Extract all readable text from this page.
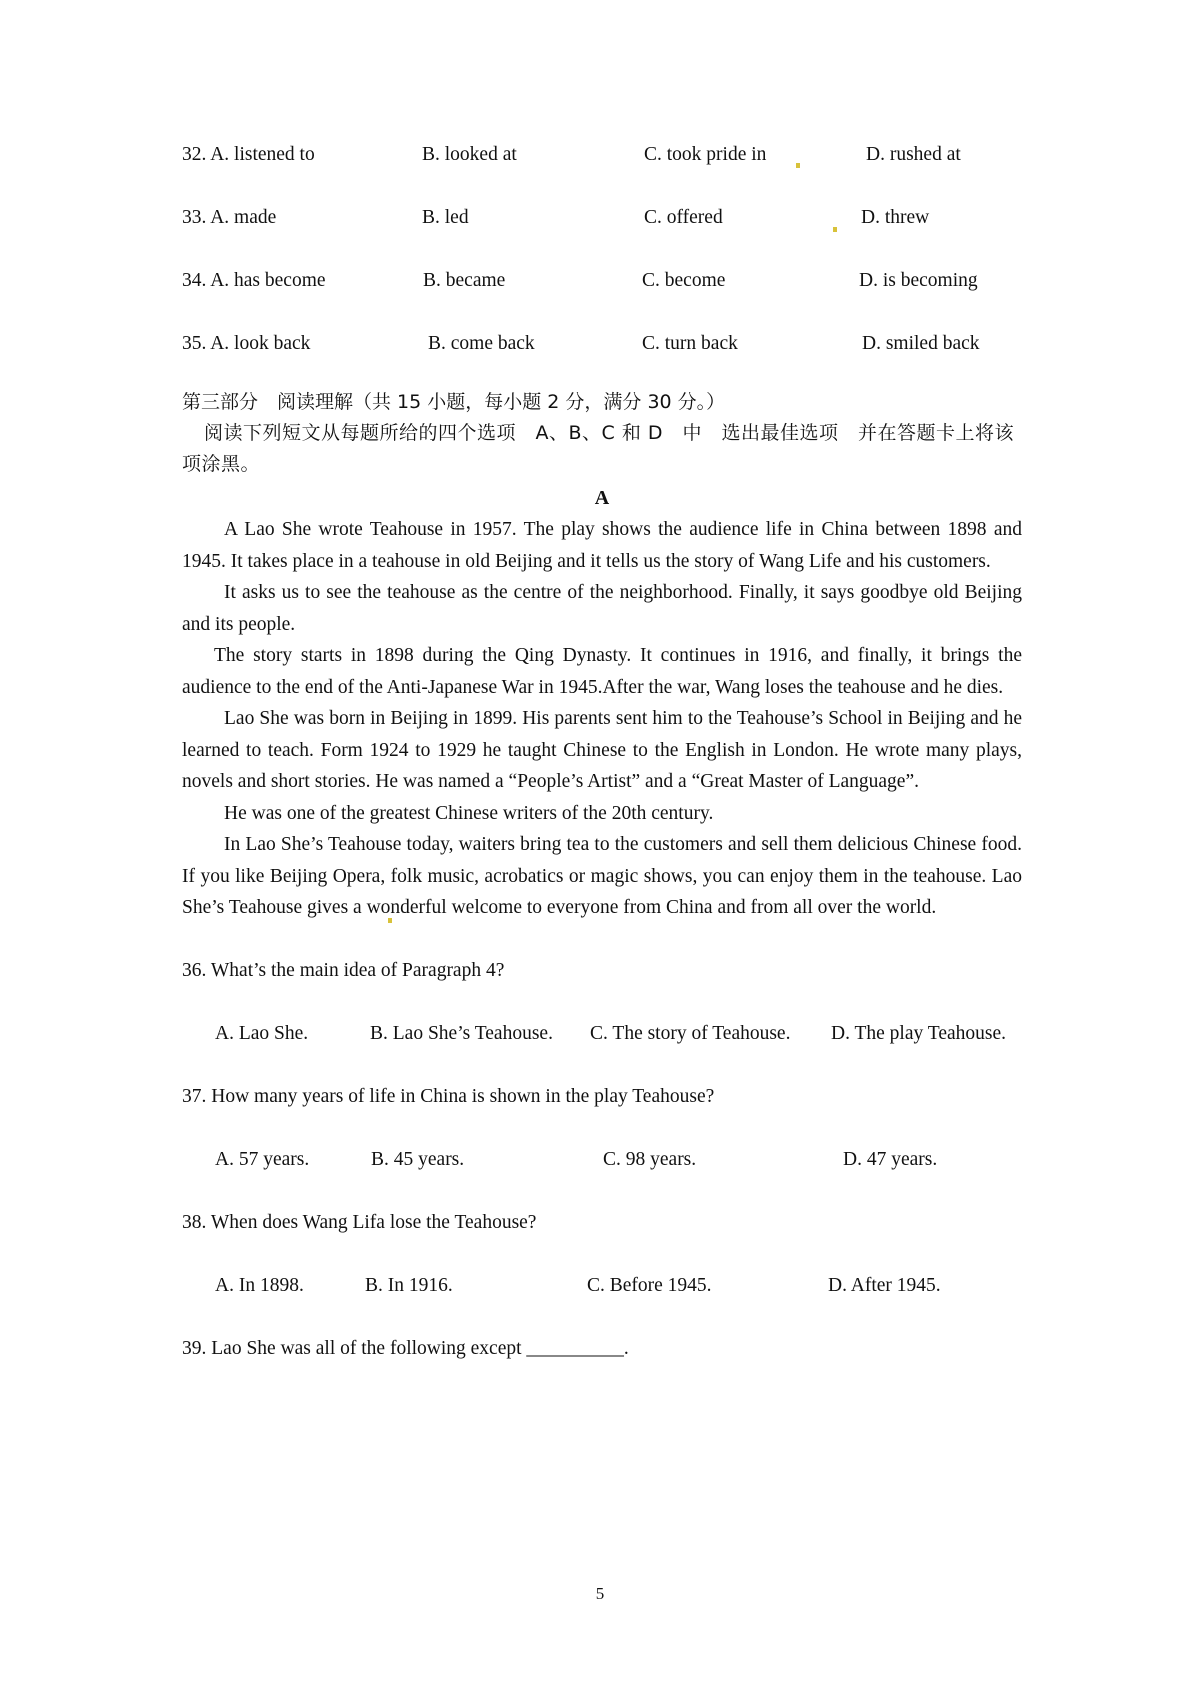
32. A. listened to	B. looked at	C. took pride in	D. rushed at
33. A. made	B. led	C. offered	D. threw
34. A. has become	B. became	C. become	D. is becoming
35. A. look back	B. come back	C. turn back	D. smiled back
第三部分　阅读理解（共 15 小题，每小题 2 分，满分 30 分。）
阅读下列短文从每题所给的四个选项　A、B、C 和 D　中　选出最佳选项　并在答题卡上将该项涂黑。
A

A Lao She wrote Teahouse in 1957. The play shows the audience life in China between 1898 and 1945. It takes place in a teahouse in old Beijing and it tells us the story of Wang Life and his customers.

It asks us to see the teahouse as the centre of the neighborhood. Finally, it says goodbye old Beijing and its people.

The story starts in 1898 during the Qing Dynasty. It continues in 1916, and finally, it brings the audience to the end of the Anti-Japanese War in 1945.After the war, Wang loses the teahouse and he dies.

Lao She was born in Beijing in 1899. His parents sent him to the Teahouse’s School in Beijing and he learned to teach. Form 1924 to 1929 he taught Chinese to the English in London. He wrote many plays, novels and short stories. He was named a “People’s Artist” and a “Great Master of Language”.

He was one of the greatest Chinese writers of the 20th century.

In Lao She’s Teahouse today, waiters bring tea to the customers and sell them delicious Chinese food. If you like Beijing Opera, folk music, acrobatics or magic shows, you can enjoy them in the teahouse. Lao She’s Teahouse gives a wonderful welcome to everyone from China and from all over the world.

36. What’s the main idea of Paragraph 4?
A. Lao She.	B. Lao She’s Teahouse. C. The story of Teahouse. D. The play Teahouse.
37. How many years of life in China is shown in the play Teahouse?
A. 57 years.	B. 45 years.	C. 98 years.	D. 47 years.
38. When does Wang Lifa lose the Teahouse?
A. In 1898.	B. In 1916.	C. Before 1945.	D. After 1945.
39. Lao She was all of the following except __________.
5
